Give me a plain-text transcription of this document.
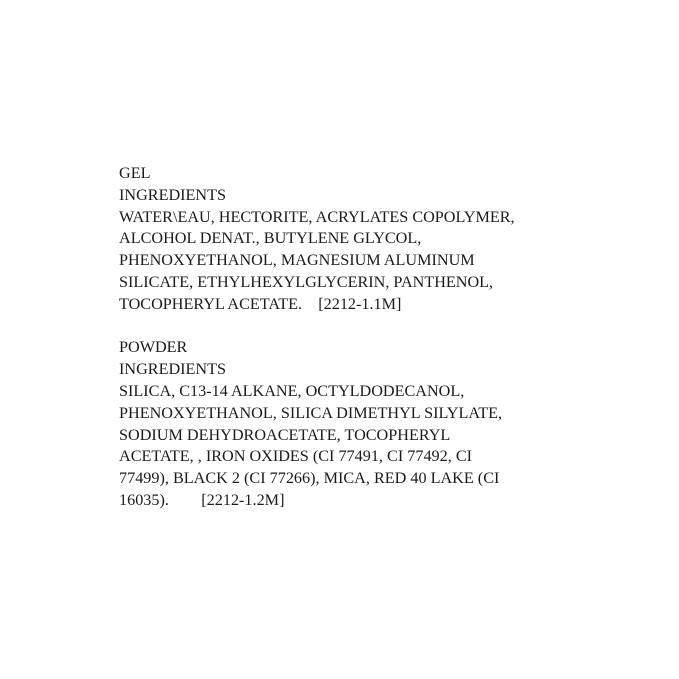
GEL
INGREDIENTS
WATER\EAU, HECTORITE, ACRYLATES COPOLYMER,
ALCOHOL DENAT., BUTYLENE GLYCOL,
PHENOXYETHANOL, MAGNESIUM ALUMINUM
SILICATE, ETHYLHEXYLGLYCERIN, PANTHENOL,
TOCOPHERYL ACETATE.    [2212-1.1M]
POWDER
INGREDIENTS
SILICA, C13-14 ALKANE, OCTYLDODECANOL,
PHENOXYETHANOL, SILICA DIMETHYL SILYLATE,
SODIUM DEHYDROACETATE, TOCOPHERYL
ACETATE, , IRON OXIDES (CI 77491, CI 77492, CI
77499), BLACK 2 (CI 77266), MICA, RED 40 LAKE (CI
16035).        [2212-1.2M]
